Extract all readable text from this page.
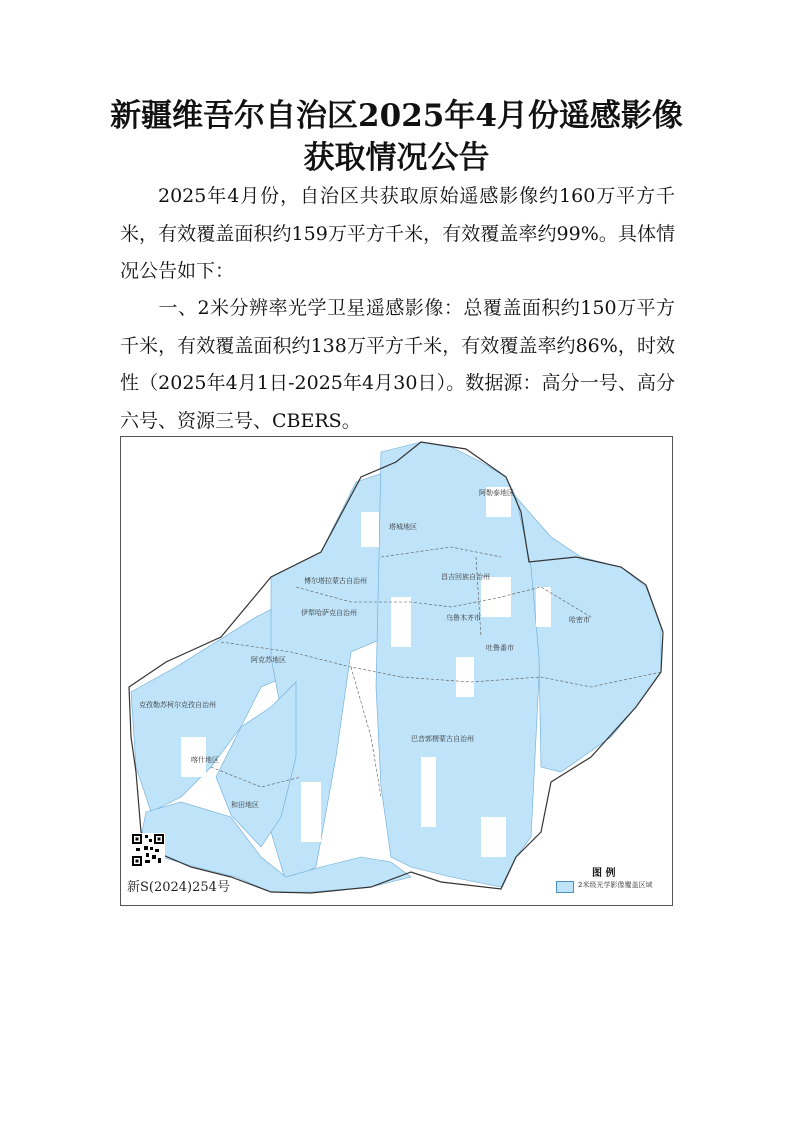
新疆维吾尔自治区2025年4月份遥感影像
获取情况公告
2025年4月份，自治区共获取原始遥感影像约160万平方千米，有效覆盖面积约159万平方千米，有效覆盖率约99%。具体情况公告如下：
一、2米分辨率光学卫星遥感影像：总覆盖面积约150万平方千米，有效覆盖面积约138万平方千米，有效覆盖率约86%，时效性（2025年4月1日-2025年4月30日）。数据源：高分一号、高分六号、资源三号、CBERS。
阿勒泰地区
塔城地区
伊犁哈萨克自治州
博尔塔拉蒙古自治州	昌吉回族自治州
乌鲁木齐市
吐鲁番市
哈密市
阿克苏地区
巴音郭楞蒙古自治州
克孜勒苏柯尔克孜自治州
喀什地区
和田地区
新S(2024)254号
图 例
2米级光学影像覆盖区域
